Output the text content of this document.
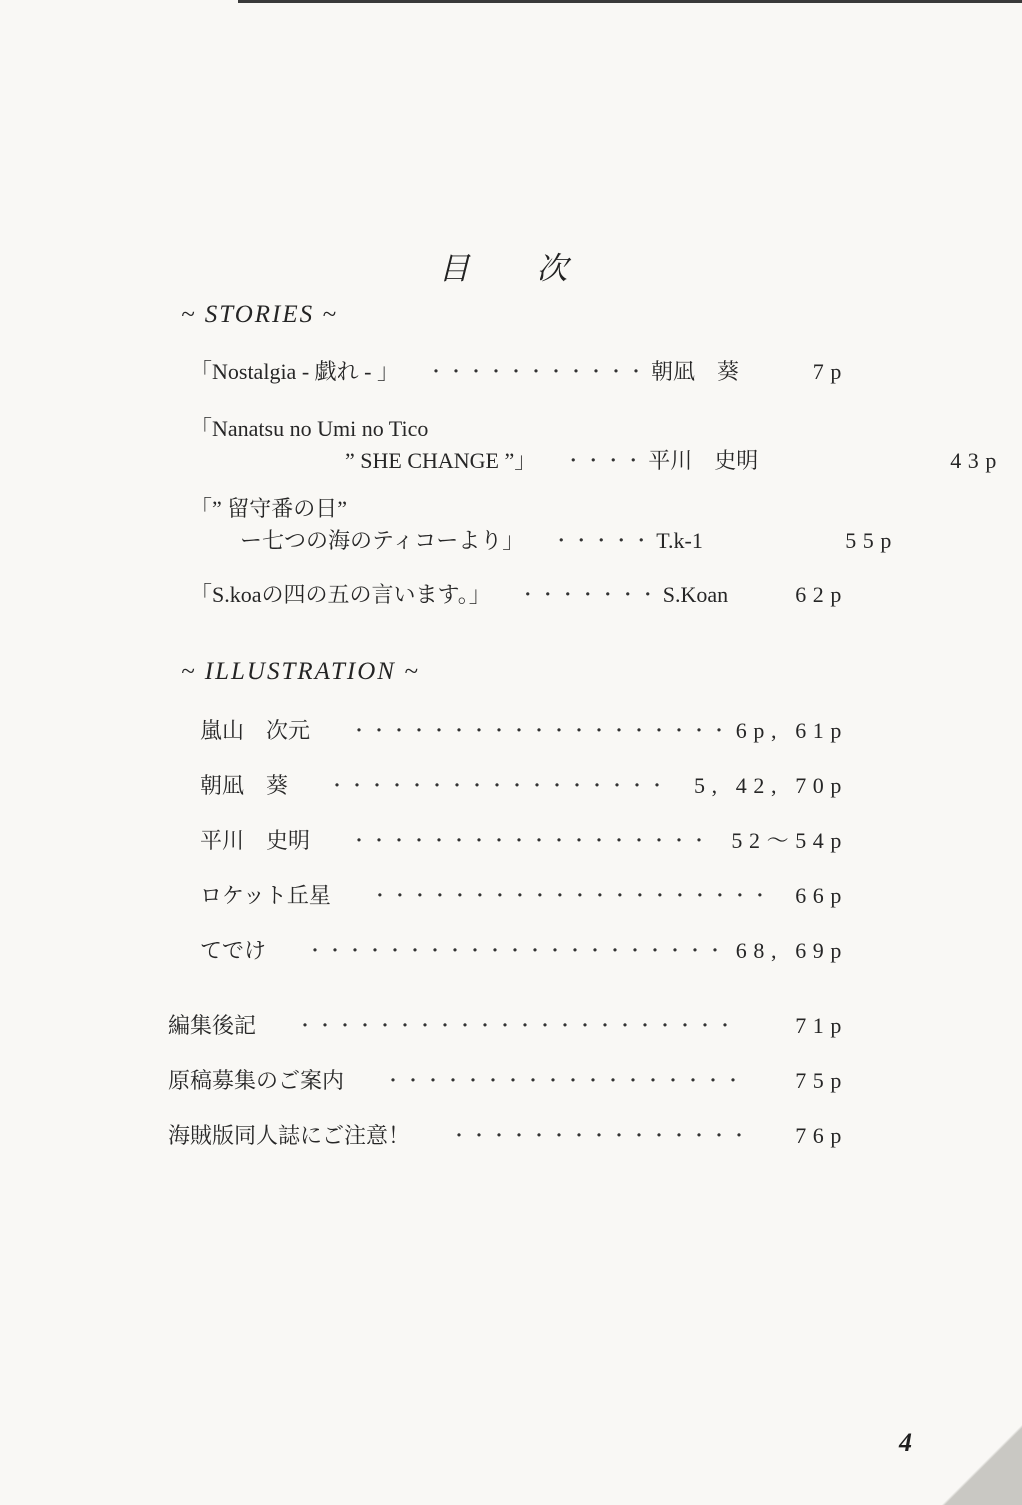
目　次
~ STORIES ~
「Nostalgia - 戯れ - 」 ・・・・・・・・・・・ 朝凪　葵	7p
「Nanatsu no Umi no Tico
” SHE CHANGE ”」 ・・・・ 平川　史明	43p
「” 留守番の日”
ー七つの海のティコーより」 ・・・・・ T.k-1	55p
「S.koaの四の五の言います。」 ・・・・・・・ S.Koan	62p
~ ILLUSTRATION ~
嵐山　次元 ・・・・・・・・・・・・・・・・・・・ 6p, 61p
朝凪　葵 ・・・・・・・・・・・・・・・・・ 5, 42, 70p
平川　史明 ・・・・・・・・・・・・・・・・・・ 52～54p
ロケット丘星 ・・・・・・・・・・・・・・・・・・・・ 66p
てでけ ・・・・・・・・・・・・・・・・・・・・・ 68, 69p
編集後記 ・・・・・・・・・・・・・・・・・・・・・・	71p
原稿募集のご案内 ・・・・・・・・・・・・・・・・・・ 75p
海賊版同人誌にご注意！ ・・・・・・・・・・・・・・・ 76p
4
